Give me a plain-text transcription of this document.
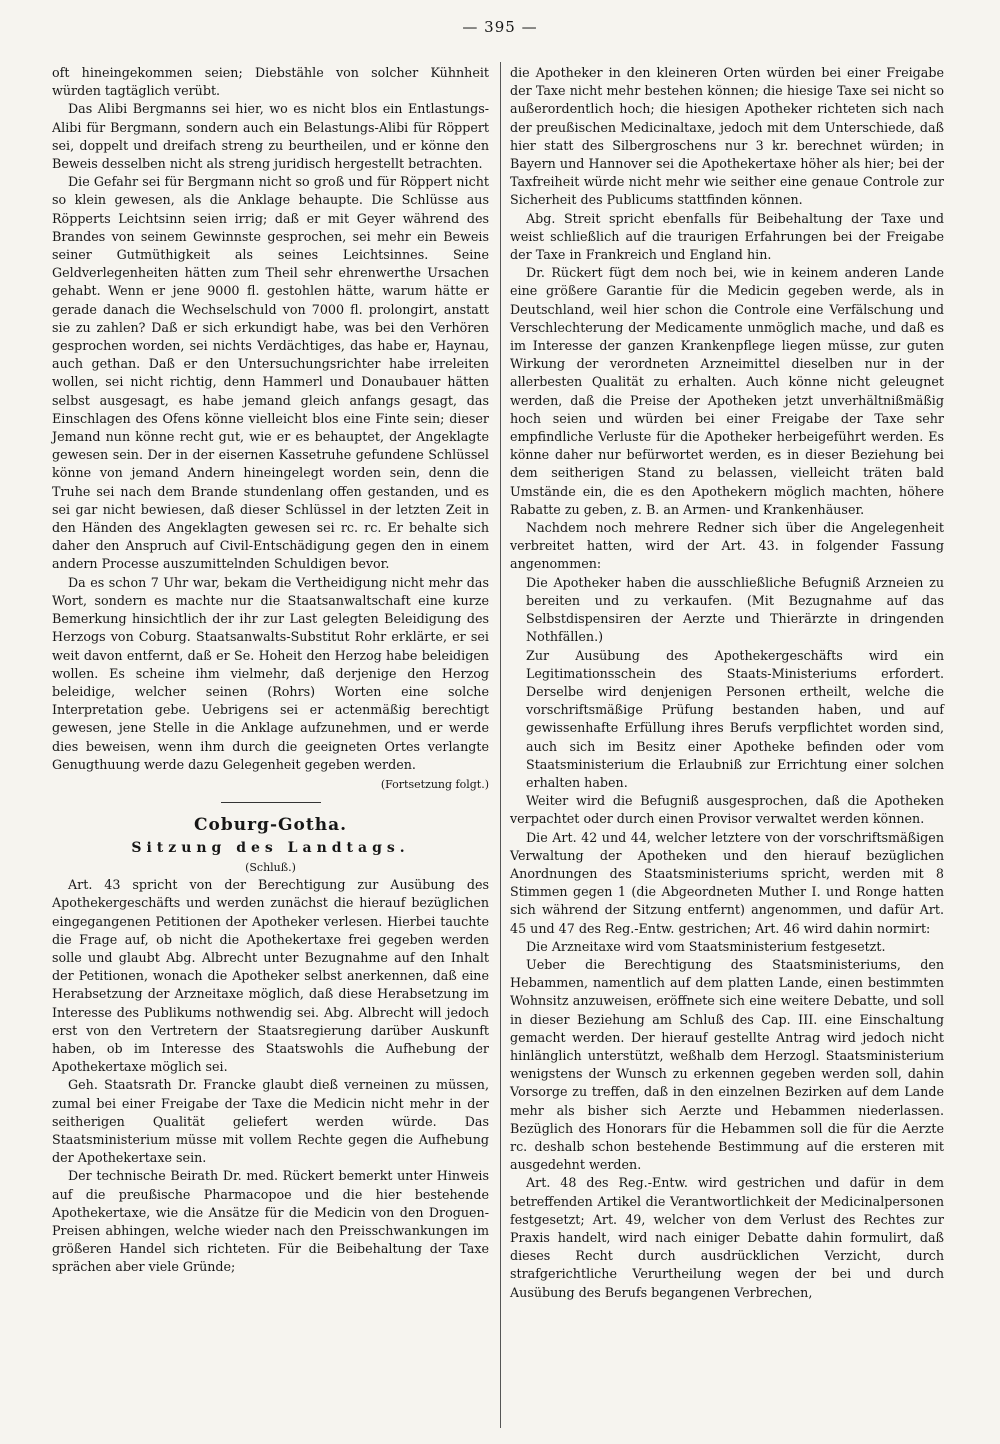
— 395 —

oft hineingekommen seien; Diebstähle von solcher Kühnheit würden tagtäglich verübt.

Das Alibi Bergmanns sei hier, wo es nicht blos ein Entlastungs-Alibi für Bergmann, sondern auch ein Belastungs-Alibi für Röppert sei, doppelt und dreifach streng zu beurtheilen, und er könne den Beweis desselben nicht als streng juridisch hergestellt betrachten.

Die Gefahr sei für Bergmann nicht so groß und für Röppert nicht so klein gewesen, als die Anklage behaupte. Die Schlüsse aus Röpperts Leichtsinn seien irrig; daß er mit Geyer während des Brandes von seinem Gewinnste gesprochen, sei mehr ein Beweis seiner Gutmüthigkeit als seines Leichtsinnes. Seine Geldverlegenheiten hätten zum Theil sehr ehrenwerthe Ursachen gehabt. Wenn er jene 9000 fl. gestohlen hätte, warum hätte er gerade danach die Wechselschuld von 7000 fl. prolongirt, anstatt sie zu zahlen? Daß er sich erkundigt habe, was bei den Verhören gesprochen worden, sei nichts Verdächtiges, das habe er, Haynau, auch gethan. Daß er den Untersuchungsrichter habe irreleiten wollen, sei nicht richtig, denn Hammerl und Donaubauer hätten selbst ausgesagt, es habe jemand gleich anfangs gesagt, das Einschlagen des Ofens könne vielleicht blos eine Finte sein; dieser Jemand nun könne recht gut, wie er es behauptet, der Angeklagte gewesen sein. Der in der eisernen Kassetruhe gefundene Schlüssel könne von jemand Andern hineingelegt worden sein, denn die Truhe sei nach dem Brande stundenlang offen gestanden, und es sei gar nicht bewiesen, daß dieser Schlüssel in der letzten Zeit in den Händen des Angeklagten gewesen sei rc. rc. Er behalte sich daher den Anspruch auf Civil-Entschädigung gegen den in einem andern Processe auszumittelnden Schuldigen bevor.

Da es schon 7 Uhr war, bekam die Vertheidigung nicht mehr das Wort, sondern es machte nur die Staatsanwaltschaft eine kurze Bemerkung hinsichtlich der ihr zur Last gelegten Beleidigung des Herzogs von Coburg. Staatsanwalts-Substitut Rohr erklärte, er sei weit davon entfernt, daß er Se. Hoheit den Herzog habe beleidigen wollen. Es scheine ihm vielmehr, daß derjenige den Herzog beleidige, welcher seinen (Rohrs) Worten eine solche Interpretation gebe. Uebrigens sei er actenmäßig berechtigt gewesen, jene Stelle in die Anklage aufzunehmen, und er werde dies beweisen, wenn ihm durch die geeigneten Ortes verlangte Genugthuung werde dazu Gelegenheit gegeben werden.

(Fortsetzung folgt.)

Coburg-Gotha.
Sitzung des Landtags.
(Schluß.)

Art. 43 spricht von der Berechtigung zur Ausübung des Apothekergeschäfts und werden zunächst die hierauf bezüglichen eingegangenen Petitionen der Apotheker verlesen. Hierbei tauchte die Frage auf, ob nicht die Apothekertaxe frei gegeben werden solle und glaubt Abg. Albrecht unter Bezugnahme auf den Inhalt der Petitionen, wonach die Apotheker selbst anerkennen, daß eine Herabsetzung der Arzneitaxe möglich, daß diese Herabsetzung im Interesse des Publikums nothwendig sei. Abg. Albrecht will jedoch erst von den Vertretern der Staatsregierung darüber Auskunft haben, ob im Interesse des Staatswohls die Aufhebung der Apothekertaxe möglich sei.

Geh. Staatsrath Dr. Francke glaubt dieß verneinen zu müssen, zumal bei einer Freigabe der Taxe die Medicin nicht mehr in der seitherigen Qualität geliefert werden würde. Das Staatsministerium müsse mit vollem Rechte gegen die Aufhebung der Apothekertaxe sein.

Der technische Beirath Dr. med. Rückert bemerkt unter Hinweis auf die preußische Pharmacopoe und die hier bestehende Apothekertaxe, wie die Ansätze für die Medicin von den Droguen-Preisen abhingen, welche wieder nach den Preisschwankungen im größeren Handel sich richteten. Für die Beibehaltung der Taxe sprächen aber viele Gründe;

die Apotheker in den kleineren Orten würden bei einer Freigabe der Taxe nicht mehr bestehen können; die hiesige Taxe sei nicht so außerordentlich hoch; die hiesigen Apotheker richteten sich nach der preußischen Medicinaltaxe, jedoch mit dem Unterschiede, daß hier statt des Silbergroschens nur 3 kr. berechnet würden; in Bayern und Hannover sei die Apothekertaxe höher als hier; bei der Taxfreiheit würde nicht mehr wie seither eine genaue Controle zur Sicherheit des Publicums stattfinden können.

Abg. Streit spricht ebenfalls für Beibehaltung der Taxe und weist schließlich auf die traurigen Erfahrungen bei der Freigabe der Taxe in Frankreich und England hin.

Dr. Rückert fügt dem noch bei, wie in keinem anderen Lande eine größere Garantie für die Medicin gegeben werde, als in Deutschland, weil hier schon die Controle eine Verfälschung und Verschlechterung der Medicamente unmöglich mache, und daß es im Interesse der ganzen Krankenpflege liegen müsse, zur guten Wirkung der verordneten Arzneimittel dieselben nur in der allerbesten Qualität zu erhalten. Auch könne nicht geleugnet werden, daß die Preise der Apotheken jetzt unverhältnißmäßig hoch seien und würden bei einer Freigabe der Taxe sehr empfindliche Verluste für die Apotheker herbeigeführt werden. Es könne daher nur befürwortet werden, es in dieser Beziehung bei dem seitherigen Stand zu belassen, vielleicht träten bald Umstände ein, die es den Apothekern möglich machten, höhere Rabatte zu geben, z. B. an Armen- und Krankenhäuser.

Nachdem noch mehrere Redner sich über die Angelegenheit verbreitet hatten, wird der Art. 43. in folgender Fassung angenommen:

Die Apotheker haben die ausschließliche Befugniß Arzneien zu bereiten und zu verkaufen. (Mit Bezugnahme auf das Selbstdispensiren der Aerzte und Thierärzte in dringenden Nothfällen.)

Zur Ausübung des Apothekergeschäfts wird ein Legitimationsschein des Staats-Ministeriums erfordert. Derselbe wird denjenigen Personen ertheilt, welche die vorschriftsmäßige Prüfung bestanden haben, und auf gewissenhafte Erfüllung ihres Berufs verpflichtet worden sind, auch sich im Besitz einer Apotheke befinden oder vom Staatsministerium die Erlaubniß zur Errichtung einer solchen erhalten haben.

Weiter wird die Befugniß ausgesprochen, daß die Apotheken verpachtet oder durch einen Provisor verwaltet werden können.

Die Art. 42 und 44, welcher letztere von der vorschriftsmäßigen Verwaltung der Apotheken und den hierauf bezüglichen Anordnungen des Staatsministeriums spricht, werden mit 8 Stimmen gegen 1 (die Abgeordneten Muther I. und Ronge hatten sich während der Sitzung entfernt) angenommen, und dafür Art. 45 und 47 des Reg.-Entw. gestrichen; Art. 46 wird dahin normirt:

Die Arzneitaxe wird vom Staatsministerium festgesetzt.

Ueber die Berechtigung des Staatsministeriums, den Hebammen, namentlich auf dem platten Lande, einen bestimmten Wohnsitz anzuweisen, eröffnete sich eine weitere Debatte, und soll in dieser Beziehung am Schluß des Cap. III. eine Einschaltung gemacht werden. Der hierauf gestellte Antrag wird jedoch nicht hinlänglich unterstützt, weßhalb dem Herzogl. Staatsministerium wenigstens der Wunsch zu erkennen gegeben werden soll, dahin Vorsorge zu treffen, daß in den einzelnen Bezirken auf dem Lande mehr als bisher sich Aerzte und Hebammen niederlassen. Bezüglich des Honorars für die Hebammen soll die für die Aerzte rc. deshalb schon bestehende Bestimmung auf die ersteren mit ausgedehnt werden.

Art. 48 des Reg.-Entw. wird gestrichen und dafür in dem betreffenden Artikel die Verantwortlichkeit der Medicinalpersonen festgesetzt; Art. 49, welcher von dem Verlust des Rechtes zur Praxis handelt, wird nach einiger Debatte dahin formulirt, daß dieses Recht durch ausdrücklichen Verzicht, durch strafgerichtliche Verurtheilung wegen der bei und durch Ausübung des Berufs begangenen Verbrechen,
